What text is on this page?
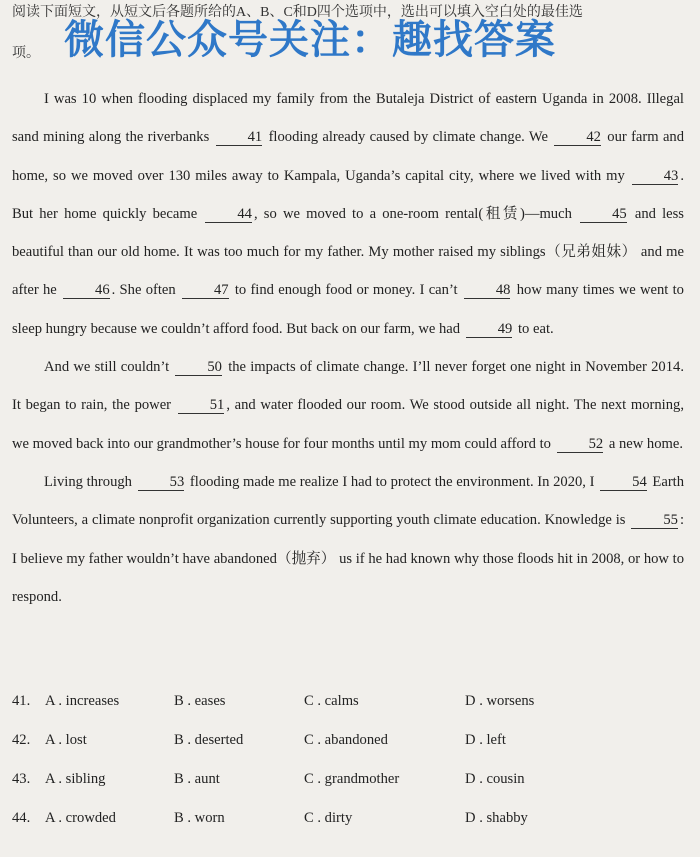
阅读下面短文，从短文后各题所给的A、B、C和D四个选项中，选出可以填入空白处的最佳选
项。 微信公众号关注：趣找答案

I was 10 when flooding displaced my family from the Butaleja District of eastern Uganda in 2008. Illegal sand mining along the riverbanks	41 flooding already caused by climate change. We	42 our farm and home, so we moved over 130 miles away to Kampala, Uganda’s capital city, where we lived with my	43 . But her home quickly became	44 , so we moved to a one-room rental(租赁)—much	45 and less beautiful than our old home. It was too much for my father. My mother raised my siblings（兄弟姐妹） and me after he	46 . She often	47 to find enough food or money. I can’t	48 how many times we went to sleep hungry because we couldn’t afford food. But back on our farm, we had	49 to eat.

And we still couldn’t	50 the impacts of climate change. I’ll never forget one night in November 2014. It began to rain, the power	51 , and water flooded our room. We stood outside all night. The next morning, we moved back into our grandmother’s house for four months until my mom could afford to	52 a new home.

Living through	53 flooding made me realize I had to protect the environment. In 2020, I	54 Earth Volunteers, a climate nonprofit organization currently supporting youth climate education. Knowledge is	55 : I believe my father wouldn’t have abandoned（抛弃） us if he had known why those floods hit in 2008, or how to respond.

41. A . increases	B . eases	C . calms	D . worsens
42. A . lost	B . deserted	C . abandoned	D . left
43. A . sibling	B . aunt	C . grandmother	D . cousin
44. A . crowded	B . worn	C . dirty	D . shabby
